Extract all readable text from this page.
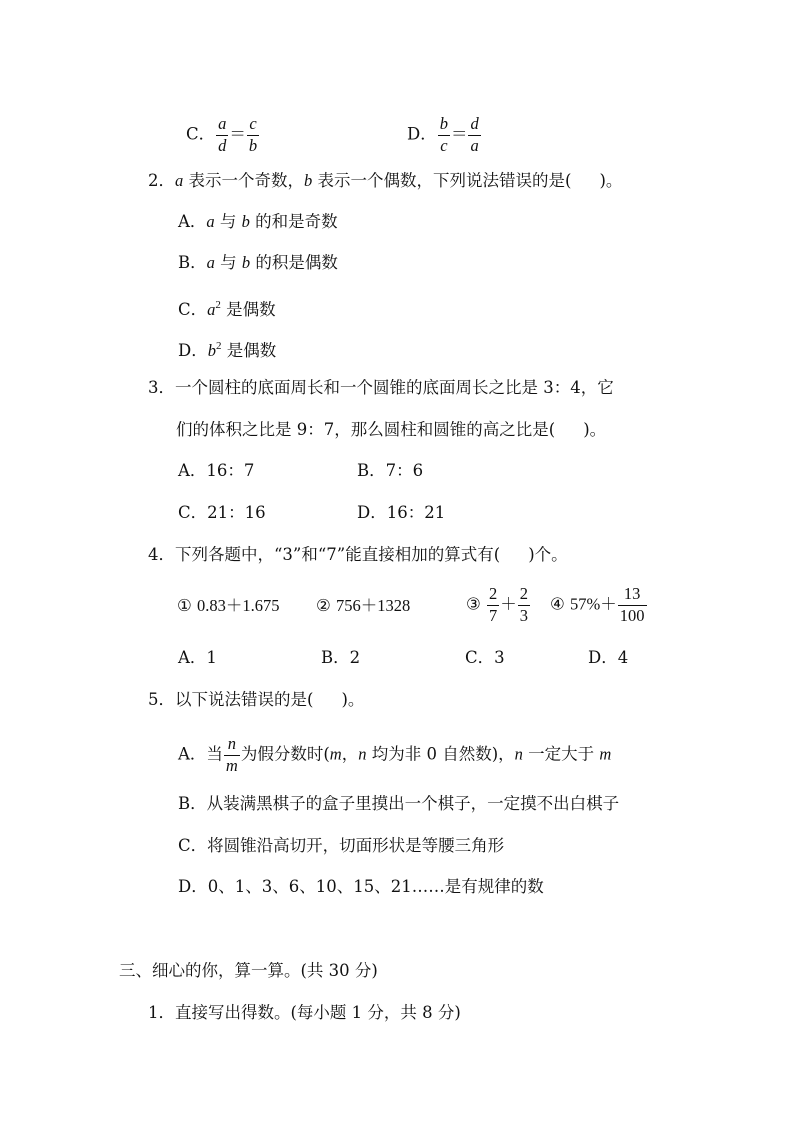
C． $\frac{a}{d} = \frac{c}{b}$	D． $\frac{b}{c} = \frac{d}{a}$
2．a 表示一个奇数，b 表示一个偶数，下列说法错误的是( )。
A．a 与 b 的和是奇数
B．a 与 b 的积是偶数
C．$a^2$ 是偶数
D．$b^2$ 是偶数
3．一个圆柱的底面周长和一个圆锥的底面周长之比是 3：4，它
们的体积之比是 9：7，那么圆柱和圆锥的高之比是( )。
A．16：7	B．7：6
C．21：16	D．16：21
4．下列各题中，“3”和“7”能直接相加的算式有( )个。
① 0.83＋1.675 ② 756＋1328	③ $\frac{2}{7} + \frac{2}{3}$ ④ $57\%+ \frac{13}{100}$
A．1	B．2	C．3	D．4
5．以下说法错误的是( )。
A．当 $\frac{n}{m}$ 为假分数时(m，n 均为非 0 自然数)，n 一定大于 m
B．从装满黑棋子的盒子里摸出一个棋子，一定摸不出白棋子
C．将圆锥沿高切开，切面形状是等腰三角形
D．0、1、3、6、10、15、21……是有规律的数
三、细心的你，算一算。(共 30 分)
1．直接写出得数。(每小题 1 分，共 8 分)
